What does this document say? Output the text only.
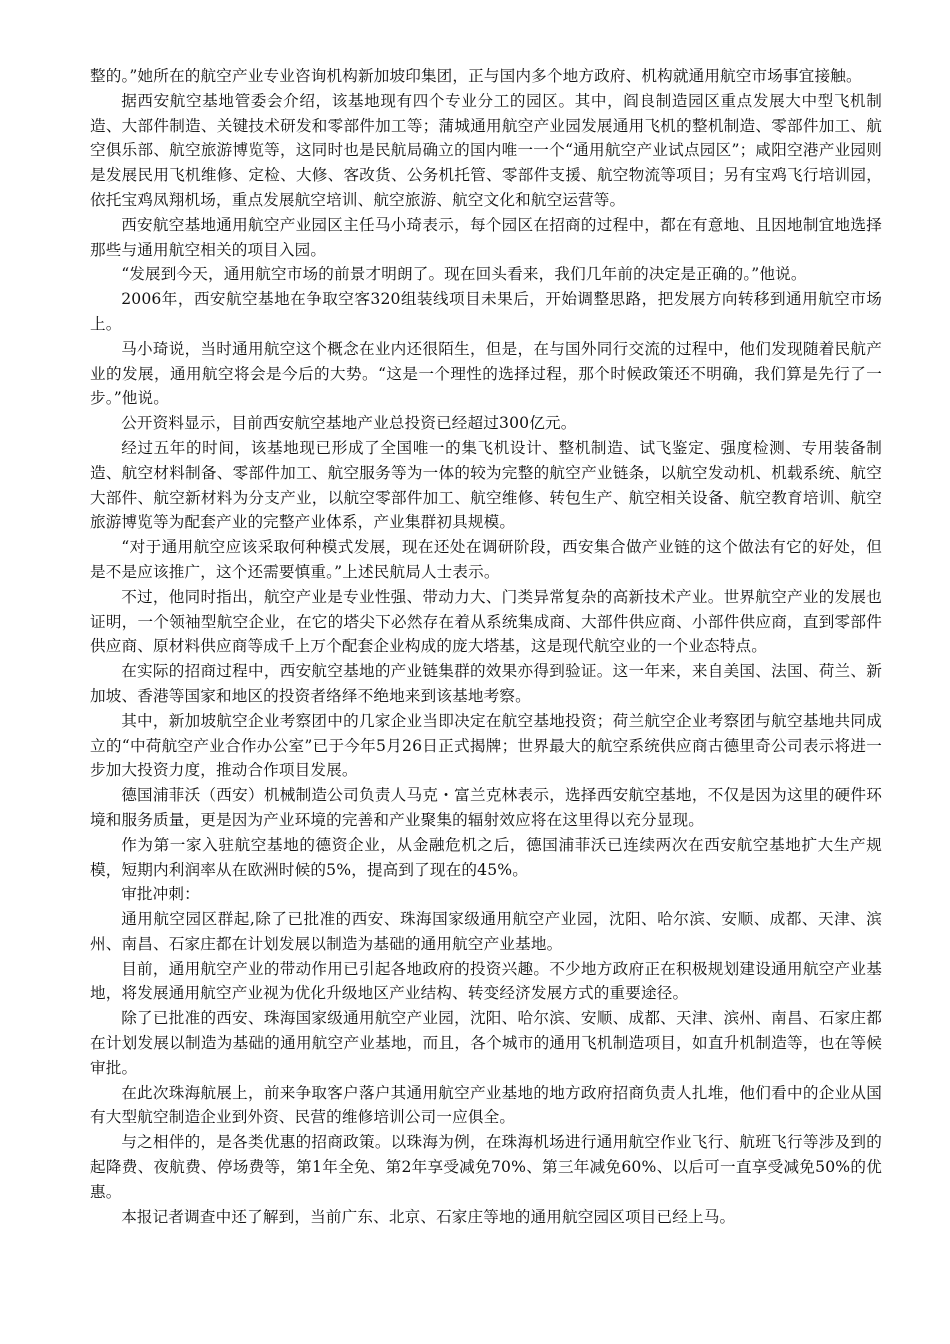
整的。”她所在的航空产业专业咨询机构新加坡印集团，正与国内多个地方政府、机构就通用航空市场事宜接触。

据西安航空基地管委会介绍，该基地现有四个专业分工的园区。其中，阎良制造园区重点发展大中型飞机制造、大部件制造、关键技术研发和零部件加工等；蒲城通用航空产业园发展通用飞机的整机制造、零部件加工、航空俱乐部、航空旅游博览等，这同时也是民航局确立的国内唯一一个“通用航空产业试点园区”；咸阳空港产业园则是发展民用飞机维修、定检、大修、客改货、公务机托管、零部件支援、航空物流等项目；另有宝鸡飞行培训园，依托宝鸡凤翔机场，重点发展航空培训、航空旅游、航空文化和航空运营等。

西安航空基地通用航空产业园区主任马小琦表示，每个园区在招商的过程中，都在有意地、且因地制宜地选择那些与通用航空相关的项目入园。

“发展到今天，通用航空市场的前景才明朗了。现在回头看来，我们几年前的决定是正确的。”他说。

2006年，西安航空基地在争取空客320组装线项目未果后，开始调整思路，把发展方向转移到通用航空市场上。

马小琦说，当时通用航空这个概念在业内还很陌生，但是，在与国外同行交流的过程中，他们发现随着民航产业的发展，通用航空将会是今后的大势。“这是一个理性的选择过程，那个时候政策还不明确，我们算是先行了一步。”他说。

公开资料显示，目前西安航空基地产业总投资已经超过300亿元。

经过五年的时间，该基地现已形成了全国唯一的集飞机设计、整机制造、试飞鉴定、强度检测、专用装备制造、航空材料制备、零部件加工、航空服务等为一体的较为完整的航空产业链条，以航空发动机、机载系统、航空大部件、航空新材料为分支产业，以航空零部件加工、航空维修、转包生产、航空相关设备、航空教育培训、航空旅游博览等为配套产业的完整产业体系，产业集群初具规模。

“对于通用航空应该采取何种模式发展，现在还处在调研阶段，西安集合做产业链的这个做法有它的好处，但是不是应该推广，这个还需要慎重。”上述民航局人士表示。

不过，他同时指出，航空产业是专业性强、带动力大、门类异常复杂的高新技术产业。世界航空产业的发展也证明，一个领袖型航空企业，在它的塔尖下必然存在着从系统集成商、大部件供应商、小部件供应商，直到零部件供应商、原材料供应商等成千上万个配套企业构成的庞大塔基，这是现代航空业的一个业态特点。

在实际的招商过程中，西安航空基地的产业链集群的效果亦得到验证。这一年来，来自美国、法国、荷兰、新加坡、香港等国家和地区的投资者络绎不绝地来到该基地考察。

其中，新加坡航空企业考察团中的几家企业当即决定在航空基地投资；荷兰航空企业考察团与航空基地共同成立的“中荷航空产业合作办公室”已于今年5月26日正式揭牌；世界最大的航空系统供应商古德里奇公司表示将进一步加大投资力度，推动合作项目发展。

德国浦菲沃（西安）机械制造公司负责人马克・富兰克林表示，选择西安航空基地，不仅是因为这里的硬件环境和服务质量，更是因为产业环境的完善和产业聚集的辐射效应将在这里得以充分显现。

作为第一家入驻航空基地的德资企业，从金融危机之后，德国浦菲沃已连续两次在西安航空基地扩大生产规模，短期内利润率从在欧洲时候的5%，提高到了现在的45%。

审批冲刺：

通用航空园区群起,除了已批准的西安、珠海国家级通用航空产业园，沈阳、哈尔滨、安顺、成都、天津、滨州、南昌、石家庄都在计划发展以制造为基础的通用航空产业基地。

目前，通用航空产业的带动作用已引起各地政府的投资兴趣。不少地方政府正在积极规划建设通用航空产业基地，将发展通用航空产业视为优化升级地区产业结构、转变经济发展方式的重要途径。

除了已批准的西安、珠海国家级通用航空产业园，沈阳、哈尔滨、安顺、成都、天津、滨州、南昌、石家庄都在计划发展以制造为基础的通用航空产业基地，而且，各个城市的通用飞机制造项目，如直升机制造等，也在等候审批。

在此次珠海航展上，前来争取客户落户其通用航空产业基地的地方政府招商负责人扎堆，他们看中的企业从国有大型航空制造企业到外资、民营的维修培训公司一应俱全。

与之相伴的，是各类优惠的招商政策。以珠海为例，在珠海机场进行通用航空作业飞行、航班飞行等涉及到的起降费、夜航费、停场费等，第1年全免、第2年享受减免70%、第三年减免60%、以后可一直享受减免50%的优惠。

本报记者调查中还了解到，当前广东、北京、石家庄等地的通用航空园区项目已经上马。
